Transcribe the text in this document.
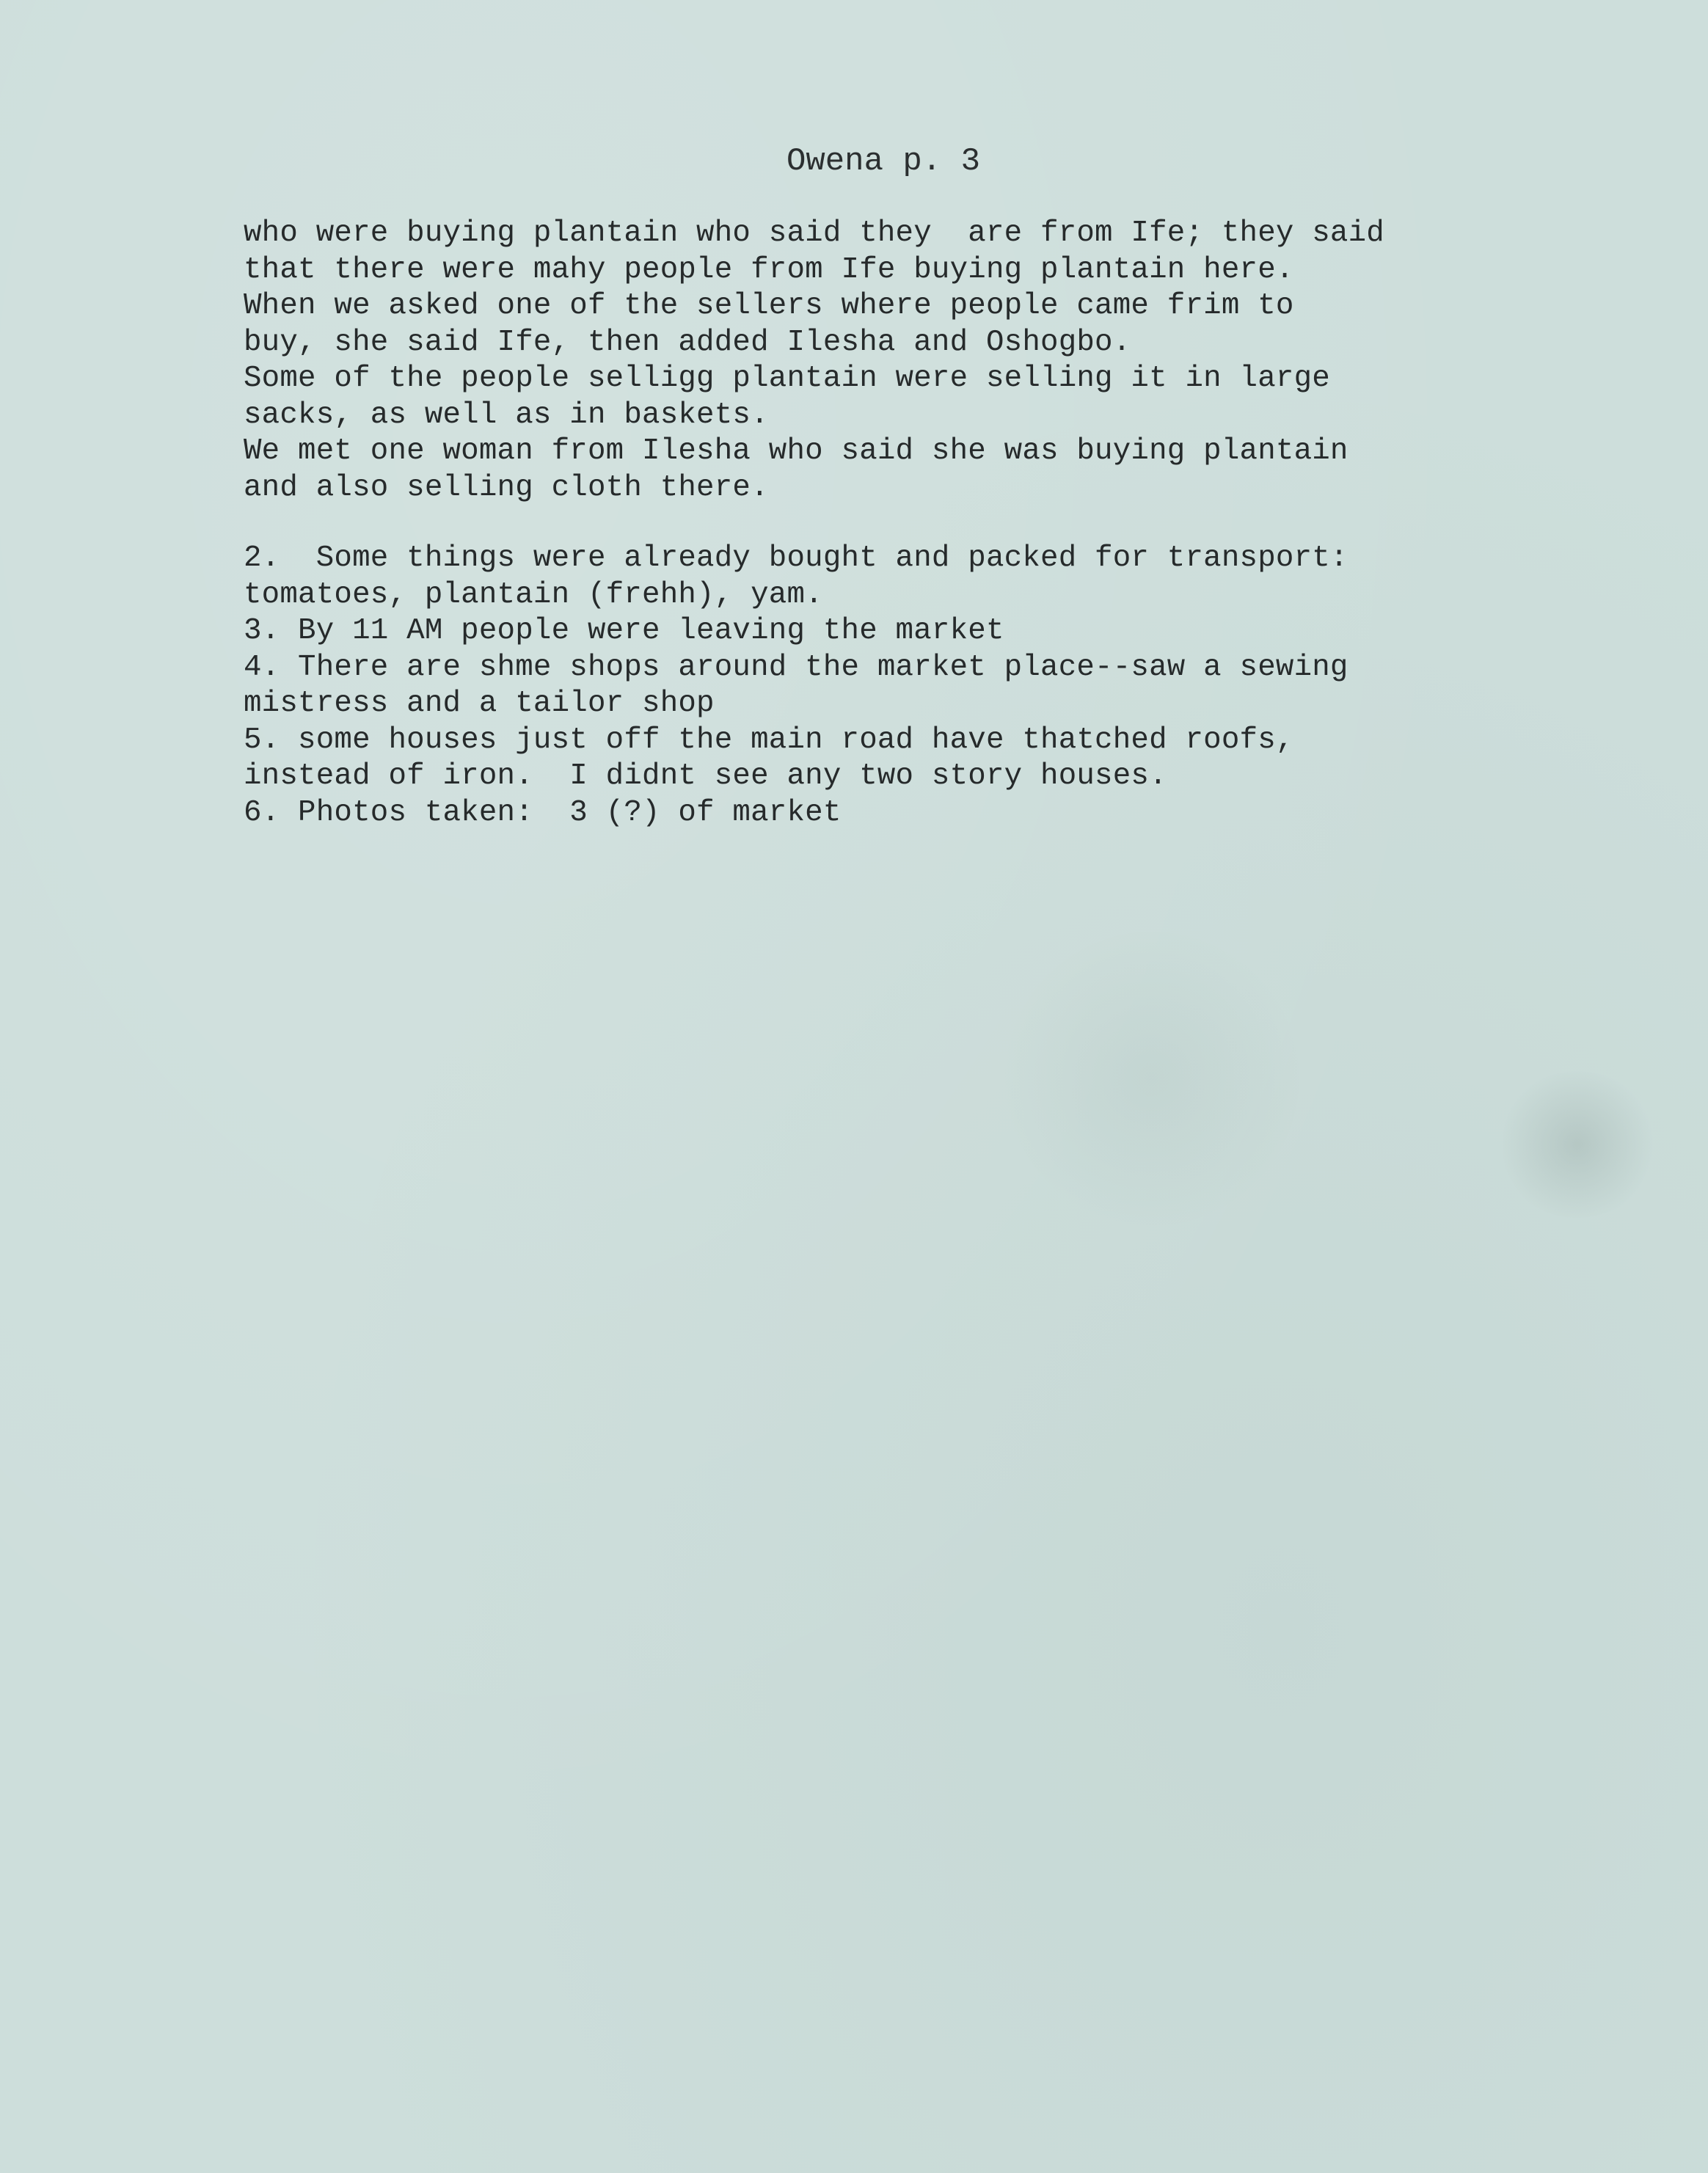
Owena p. 3
who were buying plantain who said they  are from Ife; they said
that there were mahy people from Ife buying plantain here.
When we asked one of the sellers where people came frim to
buy, she said Ife, then added Ilesha and Oshogbo.
Some of the people selligg plantain were selling it in large
sacks, as well as in baskets.
We met one woman from Ilesha who said she was buying plantain
and also selling cloth there.
2.  Some things were already bought and packed for transport:
tomatoes, plantain (frehh), yam.
3. By 11 AM people were leaving the market
4. There are shme shops around the market place--saw a sewing
mistress and a tailor shop
5. some houses just off the main road have thatched roofs,
instead of iron.  I didnt see any two story houses.
6. Photos taken:  3 (?) of market
